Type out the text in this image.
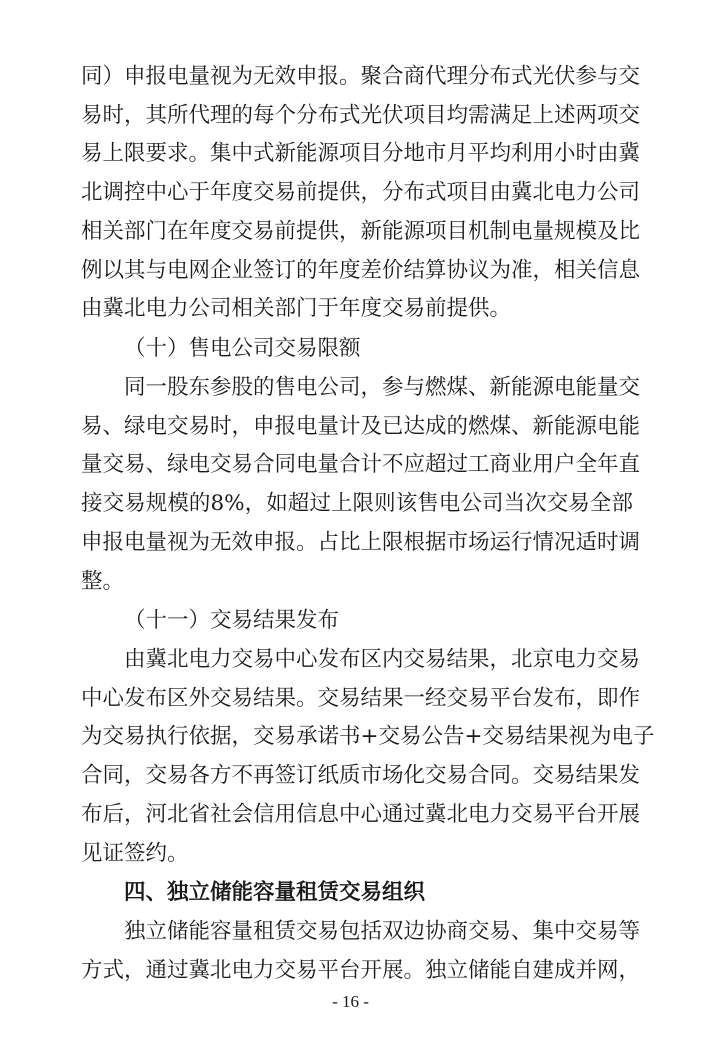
同）申报电量视为无效申报。聚合商代理分布式光伏参与交
易时，其所代理的每个分布式光伏项目均需满足上述两项交
易上限要求。集中式新能源项目分地市月平均利用小时由冀
北调控中心于年度交易前提供，分布式项目由冀北电力公司
相关部门在年度交易前提供，新能源项目机制电量规模及比
例以其与电网企业签订的年度差价结算协议为准，相关信息
由冀北电力公司相关部门于年度交易前提供。
（十）售电公司交易限额
同一股东参股的售电公司，参与燃煤、新能源电能量交
易、绿电交易时，申报电量计及已达成的燃煤、新能源电能
量交易、绿电交易合同电量合计不应超过工商业用户全年直
接交易规模的8%，如超过上限则该售电公司当次交易全部
申报电量视为无效申报。占比上限根据市场运行情况适时调
整。
（十一）交易结果发布
由冀北电力交易中心发布区内交易结果，北京电力交易
中心发布区外交易结果。交易结果一经交易平台发布，即作
为交易执行依据，交易承诺书+交易公告+交易结果视为电子
合同，交易各方不再签订纸质市场化交易合同。交易结果发
布后，河北省社会信用信息中心通过冀北电力交易平台开展
见证签约。
四、独立储能容量租赁交易组织
独立储能容量租赁交易包括双边协商交易、集中交易等
方式，通过冀北电力交易平台开展。独立储能自建成并网，
- 16 -
